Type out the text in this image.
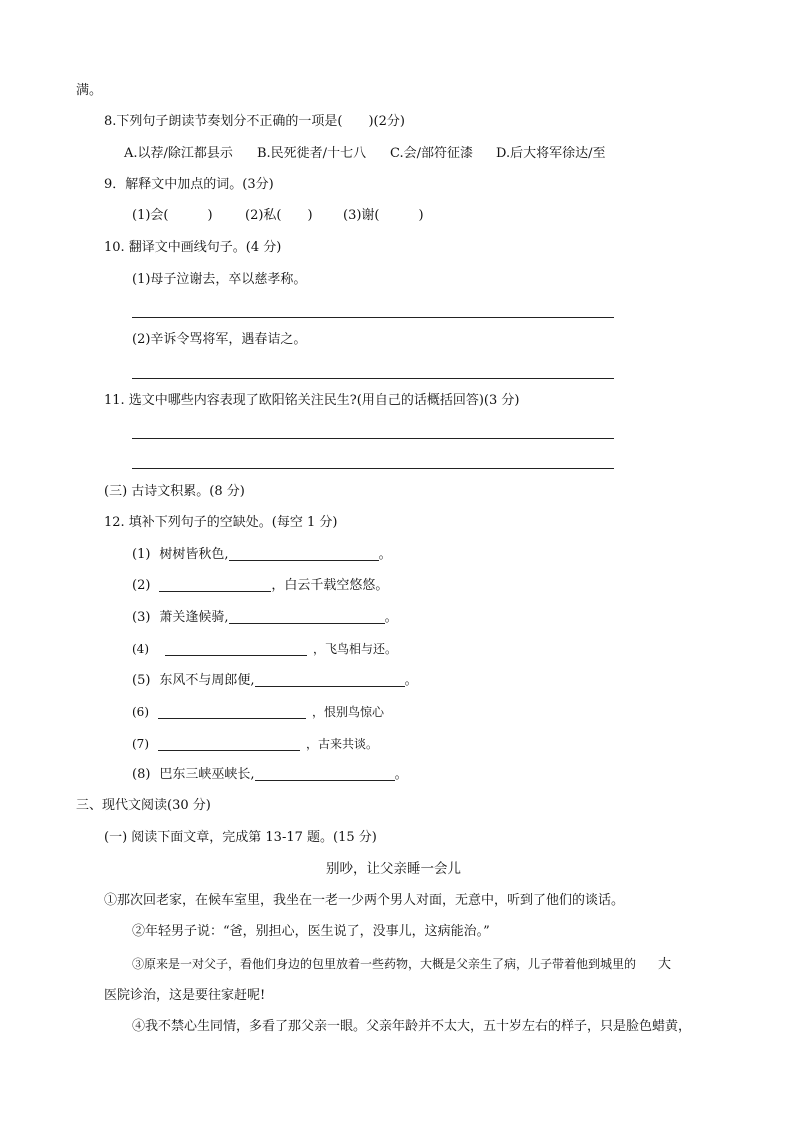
满。
8.下列句子朗读节奏划分不正确的一项是(　　)(2分)
A.以荐/除江都县示 B.民死徙者/十七八 C.会/部符征漆 D.后大将军徐达/至
9．解释文中加点的词。(3分)
(1)会(　　　) (2)私(　　) (3)谢(　　　)
10. 翻译文中画线句子。(4 分)
(1)母子泣谢去，卒以慈孝称。
(2)辛诉令骂将军，遇春诘之。
11. 选文中哪些内容表现了欧阳铭关注民生?(用自己的话概括回答)(3 分)
(三) 古诗文积累。(8 分)
12. 填补下列句子的空缺处。(每空 1 分)
(1) 树树皆秋色,	。
(2)	，白云千载空悠悠。
(3) 萧关逢候骑,	。
(4)	，飞鸟相与还。
(5) 东风不与周郎便,	。
(6)	，恨别鸟惊心
(7)	，古来共谈。
(8) 巴东三峡巫峡长,	。
三、现代文阅读(30 分)
(一) 阅读下面文章，完成第 13-17 题。(15 分)
别吵，让父亲睡一会儿
①那次回老家，在候车室里，我坐在一老一少两个男人对面，无意中，听到了他们的谈话。
②年轻男子说：“爸，别担心，医生说了，没事儿，这病能治。”
③原来是一对父子，看他们身边的包里放着一些药物，大概是父亲生了病，儿子带着他到城里的 大
医院诊治，这是要往家赶呢!
④我不禁心生同情，多看了那父亲一眼。父亲年龄并不太大，五十岁左右的样子，只是脸色蜡黄，
